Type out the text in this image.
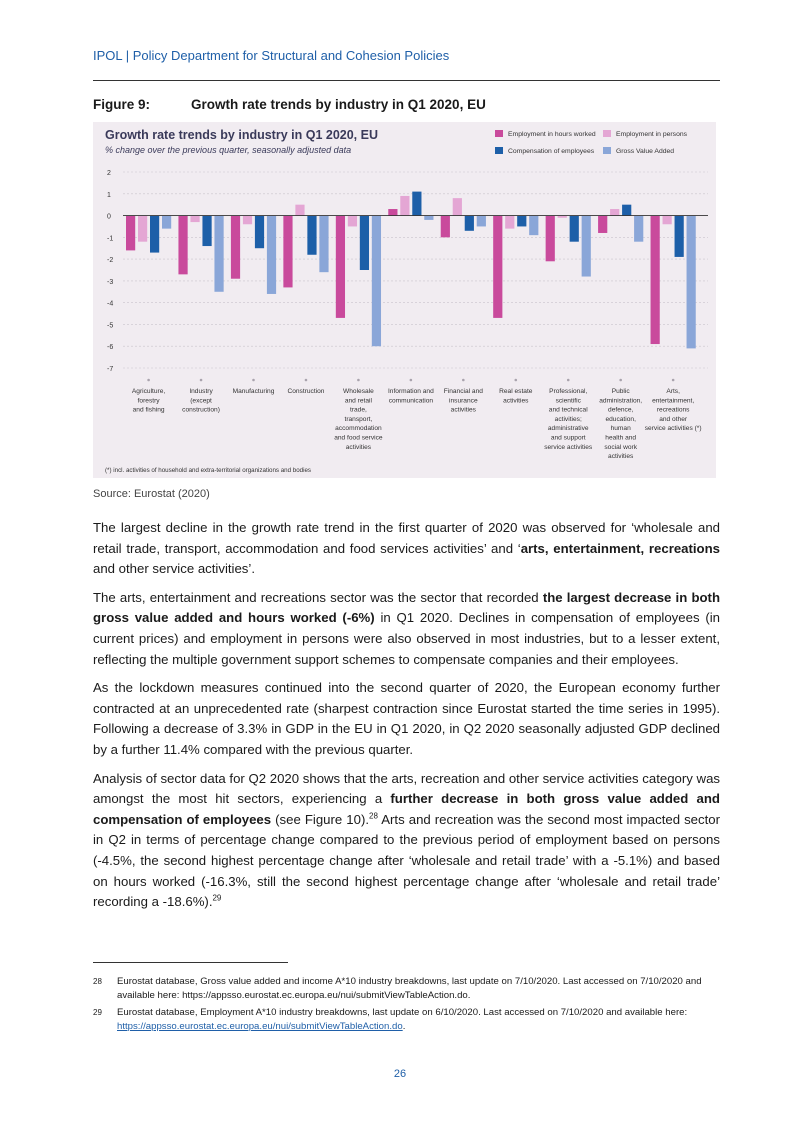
IPOL | Policy Department for Structural and Cohesion Policies
Figure 9:	Growth rate trends by industry in Q1 2020, EU
Growth rate trends by industry in Q1 2020, EU
% change over the previous quarter, seasonally adjusted data
Employment in hours worked	Employment in persons
Compensation of employees	Gross Value Added
2
1
0
-1
-2
-3
-4
-5
-6
-7
Agriculture,
forestry
and fishing
Industry
(except
construction)
Manufacturing Construction	Wholesale
and retail
trade,
transport,
accommodation
and food service
activities
Information and
communication
Financial and
insurance
activities
Real estate
activities
Professional,
scientific
and technical
activities;
administrative
and support
service activities
Public
administration,
defence,
education,
human
health and
social work
activities
Arts,
entertainment,
recreations
and other
service activities (*)
(*) incl. activities of household and extra-territorial organizations and bodies
Source: Eurostat (2020)

The largest decline in the growth rate trend in the first quarter of 2020 was observed for ‘wholesale and retail trade, transport, accommodation and food services activities’ and ‘arts, entertainment, recreations and other service activities’.

The arts, entertainment and recreations sector was the sector that recorded the largest decrease in both gross value added and hours worked (-6%) in Q1 2020. Declines in compensation of employees (in current prices) and employment in persons were also observed in most industries, but to a lesser extent, reflecting the multiple government support schemes to compensate companies and their employees.

As the lockdown measures continued into the second quarter of 2020, the European economy further contracted at an unprecedented rate (sharpest contraction since Eurostat started the time series in 1995). Following a decrease of 3.3% in GDP in the EU in Q1 2020, in Q2 2020 seasonally adjusted GDP declined by a further 11.4% compared with the previous quarter.

Analysis of sector data for Q2 2020 shows that the arts, recreation and other service activities category was amongst the most hit sectors, experiencing a further decrease in both gross value added and compensation of employees (see Figure 10).$^{28}$ Arts and recreation was the second most impacted sector in Q2 in terms of percentage change compared to the previous period of employment based on persons (-4.5%, the second highest percentage change after ‘wholesale and retail trade’ with a -5.1%) and based on hours worked (-16.3%, still the second highest percentage change after ‘wholesale and retail trade’ recording a -18.6%).$^{29}$

28	Eurostat database, Gross value added and income A*10 industry breakdowns, last update on 7/10/2020. Last accessed on 7/10/2020 and available here: https://appsso.eurostat.ec.europa.eu/nui/submitViewTableAction.do.
29	Eurostat database, Employment A*10 industry breakdowns, last update on 6/10/2020. Last accessed on 7/10/2020 and available here: https://appsso.eurostat.ec.europa.eu/nui/submitViewTableAction.do.
26
